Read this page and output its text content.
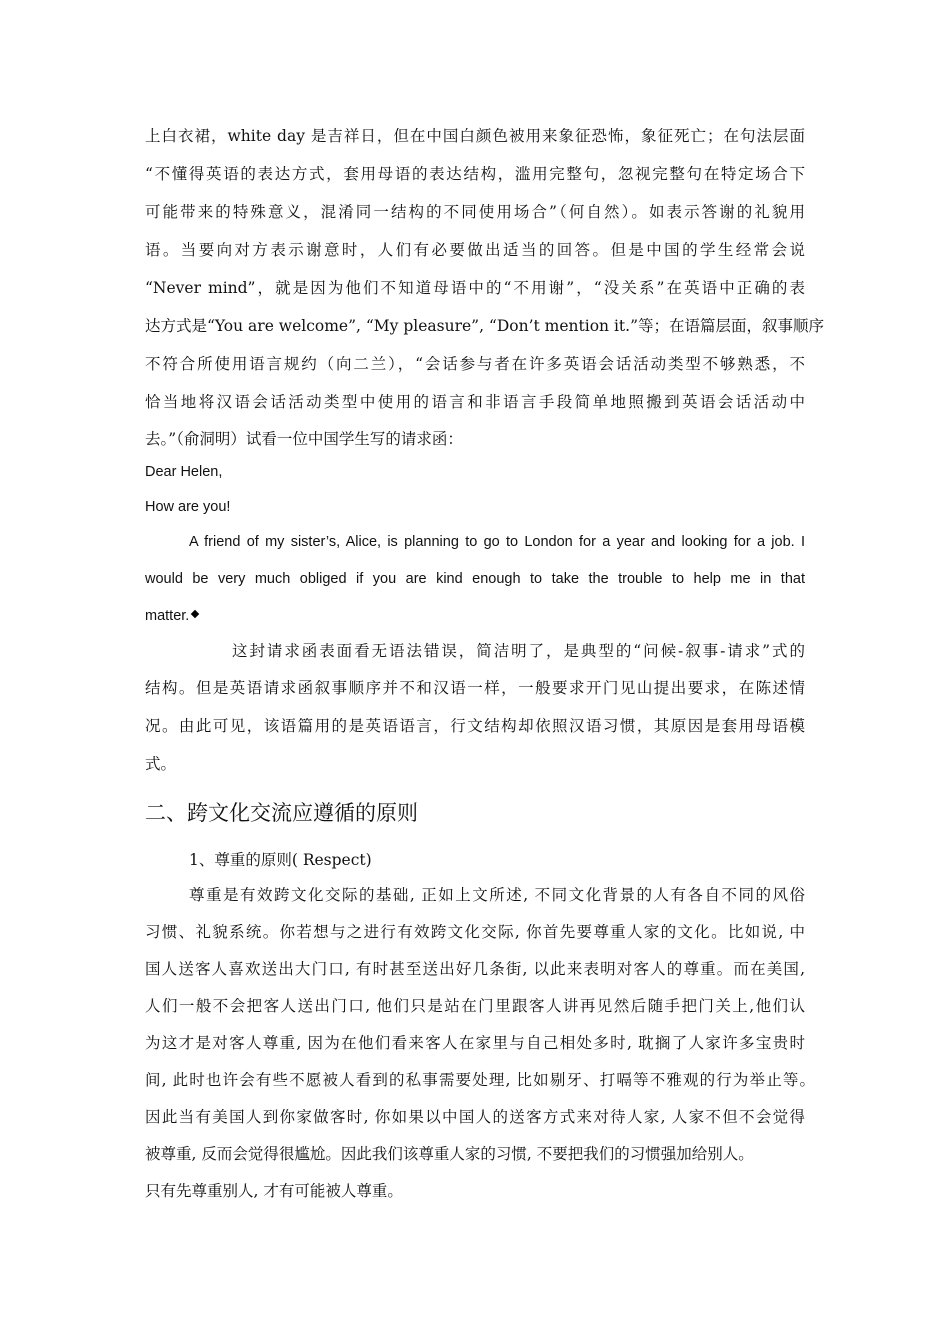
上白衣裙，white day 是吉祥日，但在中国白颜色被用来象征恐怖，象征死亡；在句法层面
“不懂得英语的表达方式，套用母语的表达结构，滥用完整句，忽视完整句在特定场合下
可能带来的特殊意义，混淆同一结构的不同使用场合”（何自然）。如表示答谢的礼貌用
语。当要向对方表示谢意时，人们有必要做出适当的回答。但是中国的学生经常会说
“Never mind”，就是因为他们不知道母语中的“不用谢”，“没关系”在英语中正确的表
达方式是“You are welcome”, “My pleasure”, “Don’t mention it.”等；在语篇层面，叙事顺序
不符合所使用语言规约（向二兰），“会话参与者在许多英语会话活动类型不够熟悉，不
恰当地将汉语会话活动类型中使用的语言和非语言手段简单地照搬到英语会话活动中
去。”（俞洞明）试看一位中国学生写的请求函：
Dear Helen,
How are you!
A friend of my sister’s, Alice, is planning to go to London for a year and looking for a job. I
would be very much obliged if you are kind enough to take the trouble to help me in that
matter.
这封请求函表面看无语法错误，简洁明了，是典型的“问候-叙事-请求”式的
结构。但是英语请求函叙事顺序并不和汉语一样，一般要求开门见山提出要求，在陈述情
况。由此可见，该语篇用的是英语语言，行文结构却依照汉语习惯，其原因是套用母语模
式。
二、跨文化交流应遵循的原则
1、尊重的原则( Respect)
尊重是有效跨文化交际的基础, 正如上文所述, 不同文化背景的人有各自不同的风俗
习惯、礼貌系统。你若想与之进行有效跨文化交际, 你首先要尊重人家的文化。比如说, 中
国人送客人喜欢送出大门口, 有时甚至送出好几条街, 以此来表明对客人的尊重。而在美国,
人们一般不会把客人送出门口, 他们只是站在门里跟客人讲再见然后随手把门关上,他们认
为这才是对客人尊重, 因为在他们看来客人在家里与自己相处多时, 耽搁了人家许多宝贵时
间, 此时也许会有些不愿被人看到的私事需要处理, 比如剔牙、打嗝等不雅观的行为举止等。
因此当有美国人到你家做客时, 你如果以中国人的送客方式来对待人家, 人家不但不会觉得
被尊重, 反而会觉得很尴尬。因此我们该尊重人家的习惯, 不要把我们的习惯强加给别人。
只有先尊重别人, 才有可能被人尊重。
